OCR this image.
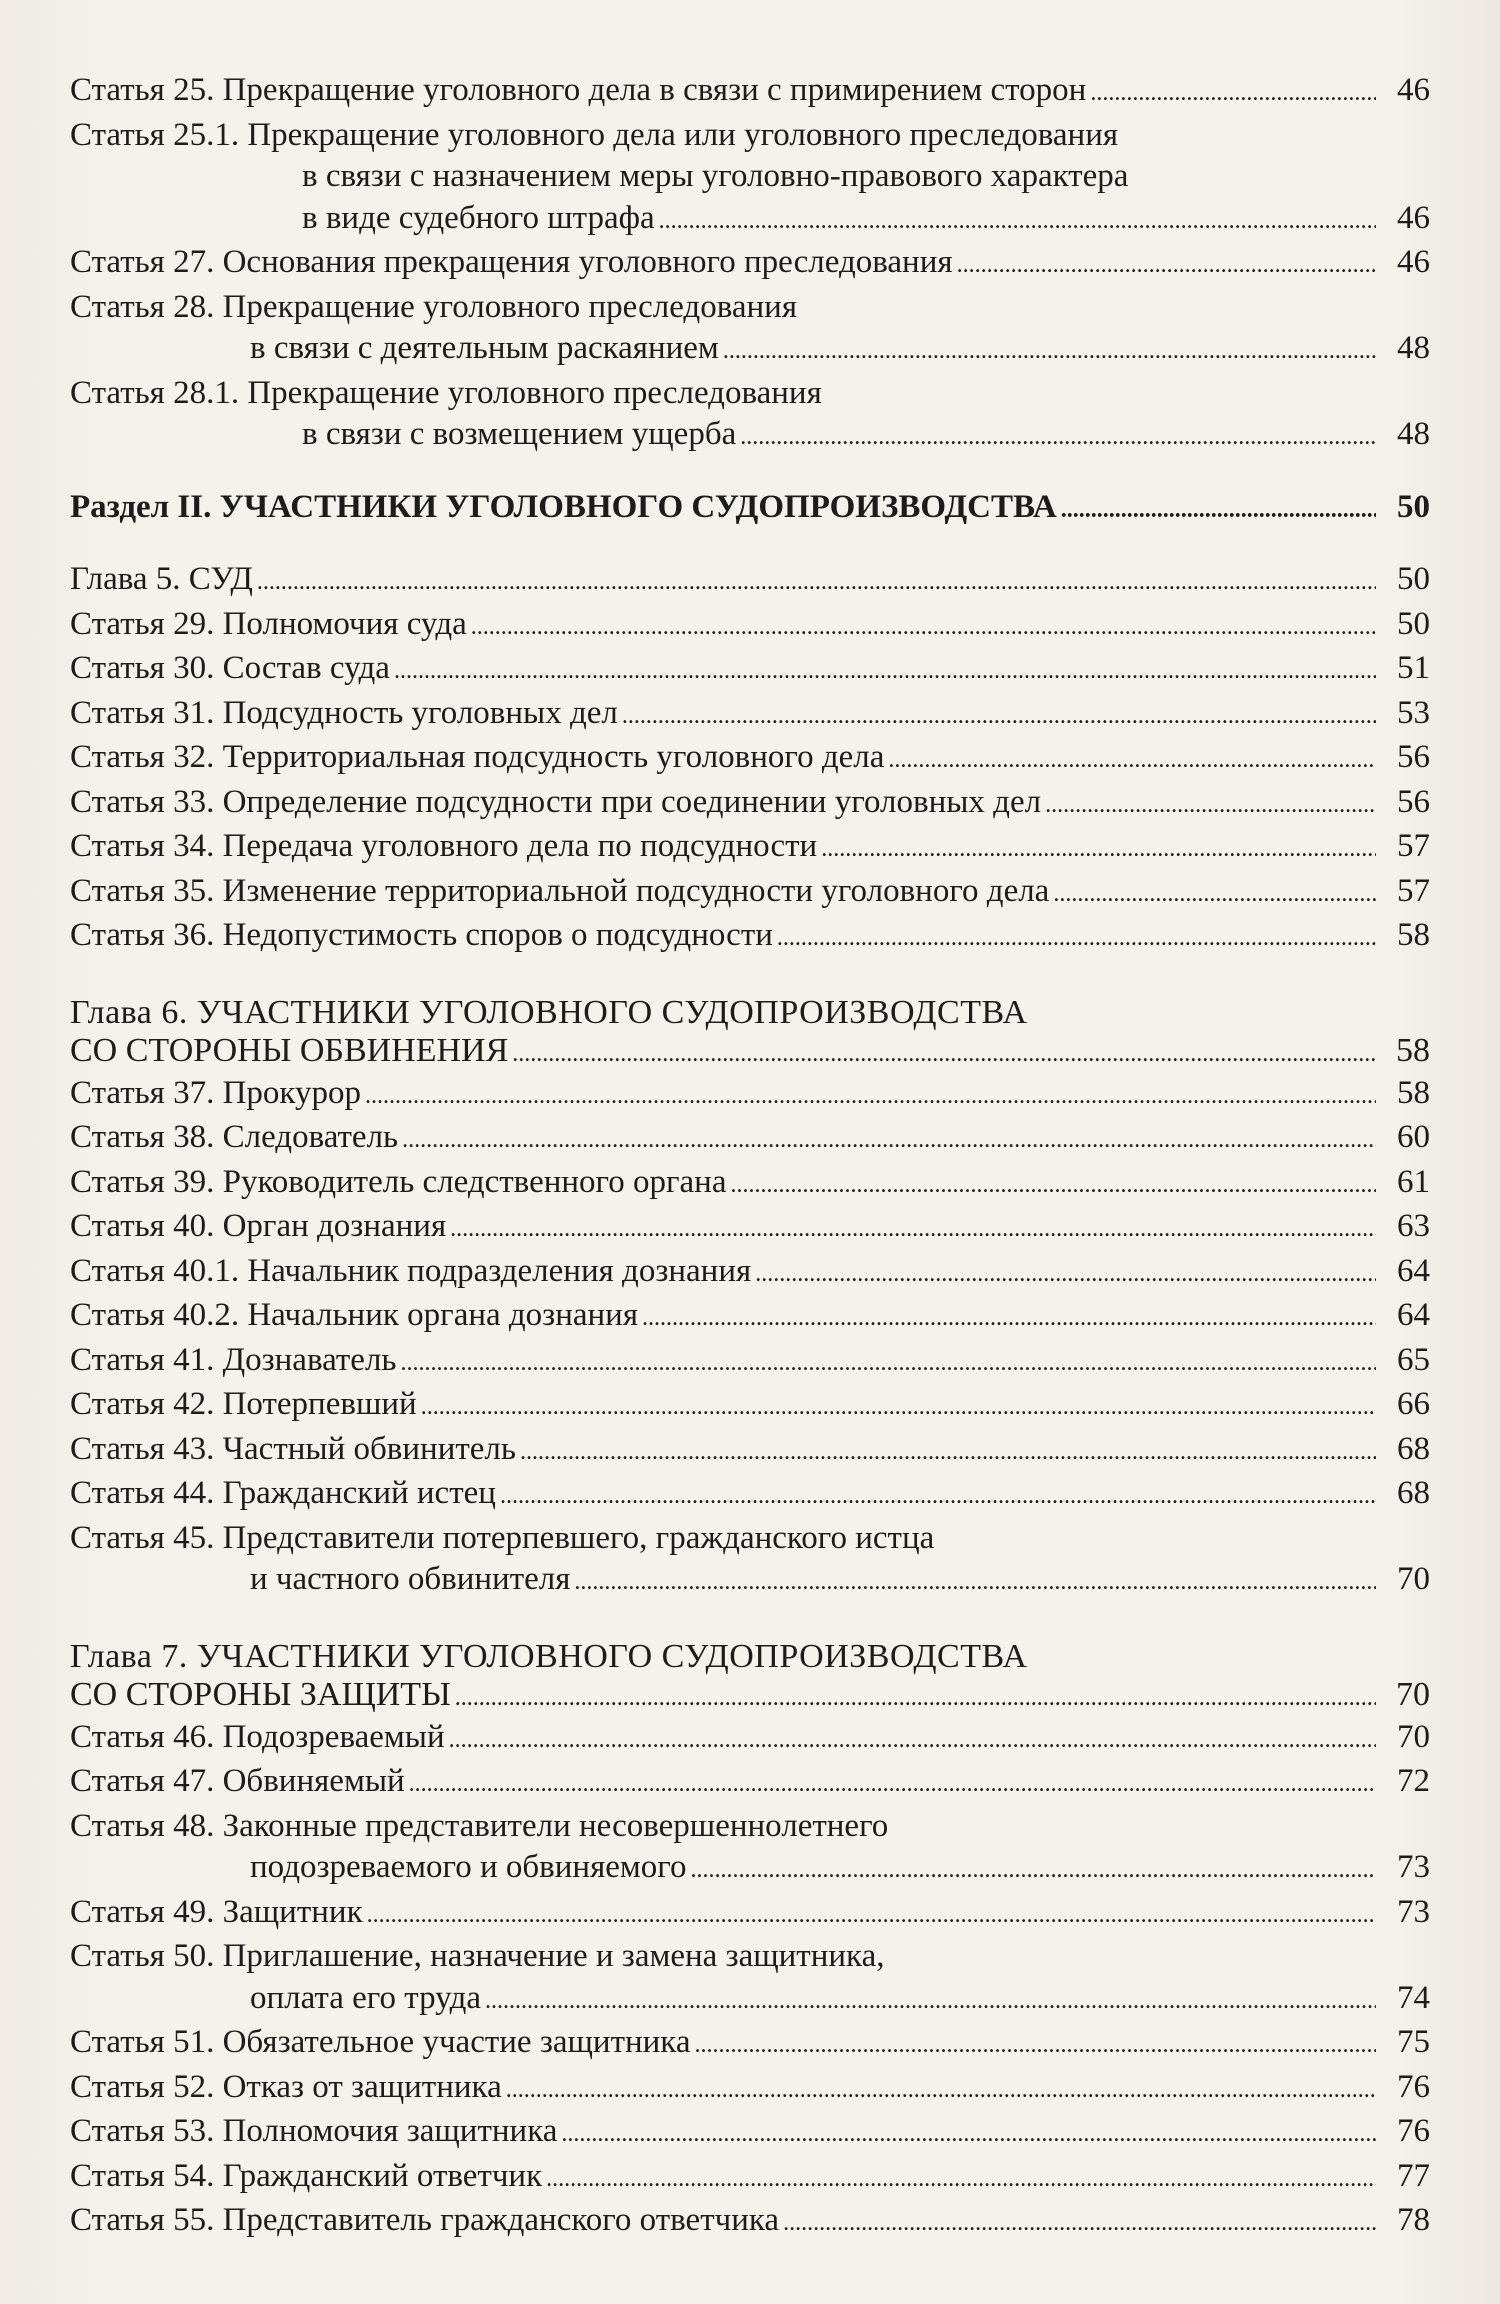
Статья 25. Прекращение уголовного дела в связи с примирением сторон . . .	46
Статья 25.1. Прекращение уголовного дела или уголовного преследования
в связи с назначением меры уголовно-правового характера
в виде судебного штрафа . . .	46
Статья 27. Основания прекращения уголовного преследования . . .	46
Статья 28. Прекращение уголовного преследования
в связи с деятельным раскаянием . . .	48
Статья 28.1. Прекращение уголовного преследования
в связи с возмещением ущерба . . .	48
Раздел II. УЧАСТНИКИ УГОЛОВНОГО СУДОПРОИЗВОДСТВА . . .	50
Глава 5. СУД . . .	50
Статья 29. Полномочия суда . . .	50
Статья 30. Состав суда . . .	51
Статья 31. Подсудность уголовных дел . . .	53
Статья 32. Территориальная подсудность уголовного дела . . .	56
Статья 33. Определение подсудности при соединении уголовных дел . . .	56
Статья 34. Передача уголовного дела по подсудности . . .	57
Статья 35. Изменение территориальной подсудности уголовного дела . . .	57
Статья 36. Недопустимость споров о подсудности . . .	58
Глава 6. УЧАСТНИКИ УГОЛОВНОГО СУДОПРОИЗВОДСТВА
СО СТОРОНЫ ОБВИНЕНИЯ . . .	58
Статья 37. Прокурор . . .	58
Статья 38. Следователь . . .	60
Статья 39. Руководитель следственного органа . . .	61
Статья 40. Орган дознания . . .	63
Статья 40.1. Начальник подразделения дознания . . .	64
Статья 40.2. Начальник органа дознания . . .	64
Статья 41. Дознаватель . . .	65
Статья 42. Потерпевший . . .	66
Статья 43. Частный обвинитель . . .	68
Статья 44. Гражданский истец . . .	68
Статья 45. Представители потерпевшего, гражданского истца
и частного обвинителя . . .	70
Глава 7. УЧАСТНИКИ УГОЛОВНОГО СУДОПРОИЗВОДСТВА
СО СТОРОНЫ ЗАЩИТЫ . . .	70
Статья 46. Подозреваемый . . .	70
Статья 47. Обвиняемый . . .	72
Статья 48. Законные представители несовершеннолетнего
подозреваемого и обвиняемого . . .	73
Статья 49. Защитник . . .	73
Статья 50. Приглашение, назначение и замена защитника,
оплата его труда . . .	74
Статья 51. Обязательное участие защитника . . .	75
Статья 52. Отказ от защитника . . .	76
Статья 53. Полномочия защитника . . .	76
Статья 54. Гражданский ответчик . . .	77
Статья 55. Представитель гражданского ответчика . . .	78
